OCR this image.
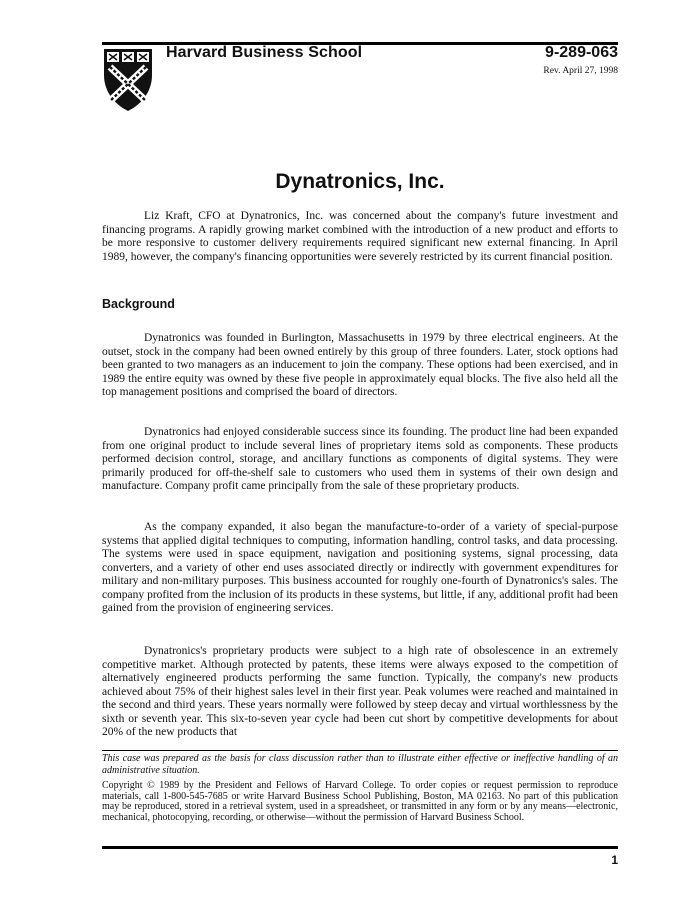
Harvard Business School	9-289-063
Rev. April 27, 1998
Dynatronics, Inc.

Liz Kraft, CFO at Dynatronics, Inc. was concerned about the company's future investment and financing programs. A rapidly growing market combined with the introduction of a new product and efforts to be more responsive to customer delivery requirements required significant new external financing. In April 1989, however, the company's financing opportunities were severely restricted by its current financial position.

Background

Dynatronics was founded in Burlington, Massachusetts in 1979 by three electrical engineers. At the outset, stock in the company had been owned entirely by this group of three founders. Later, stock options had been granted to two managers as an inducement to join the company. These options had been exercised, and in 1989 the entire equity was owned by these five people in approximately equal blocks. The five also held all the top management positions and comprised the board of directors.

Dynatronics had enjoyed considerable success since its founding. The product line had been expanded from one original product to include several lines of proprietary items sold as components. These products performed decision control, storage, and ancillary functions as components of digital systems. They were primarily produced for off-the-shelf sale to customers who used them in systems of their own design and manufacture. Company profit came principally from the sale of these proprietary products.

As the company expanded, it also began the manufacture-to-order of a variety of special-purpose systems that applied digital techniques to computing, information handling, control tasks, and data processing. The systems were used in space equipment, navigation and positioning systems, signal processing, data converters, and a variety of other end uses associated directly or indirectly with government expenditures for military and non-military purposes. This business accounted for roughly one-fourth of Dynatronics's sales. The company profited from the inclusion of its products in these systems, but little, if any, additional profit had been gained from the provision of engineering services.

Dynatronics's proprietary products were subject to a high rate of obsolescence in an extremely competitive market. Although protected by patents, these items were always exposed to the competition of alternatively engineered products performing the same function. Typically, the company's new products achieved about 75% of their highest sales level in their first year. Peak volumes were reached and maintained in the second and third years. These years normally were followed by steep decay and virtual worthlessness by the sixth or seventh year. This six-to-seven year cycle had been cut short by competitive developments for about 20% of the new products that

This case was prepared as the basis for class discussion rather than to illustrate either effective or ineffective handling of an administrative situation.
Copyright © 1989 by the President and Fellows of Harvard College. To order copies or request permission to reproduce materials, call 1-800-545-7685 or write Harvard Business School Publishing, Boston, MA 02163. No part of this publication may be reproduced, stored in a retrieval system, used in a spreadsheet, or transmitted in any form or by any means—electronic, mechanical, photocopying, recording, or otherwise—without the permission of Harvard Business School.
1
